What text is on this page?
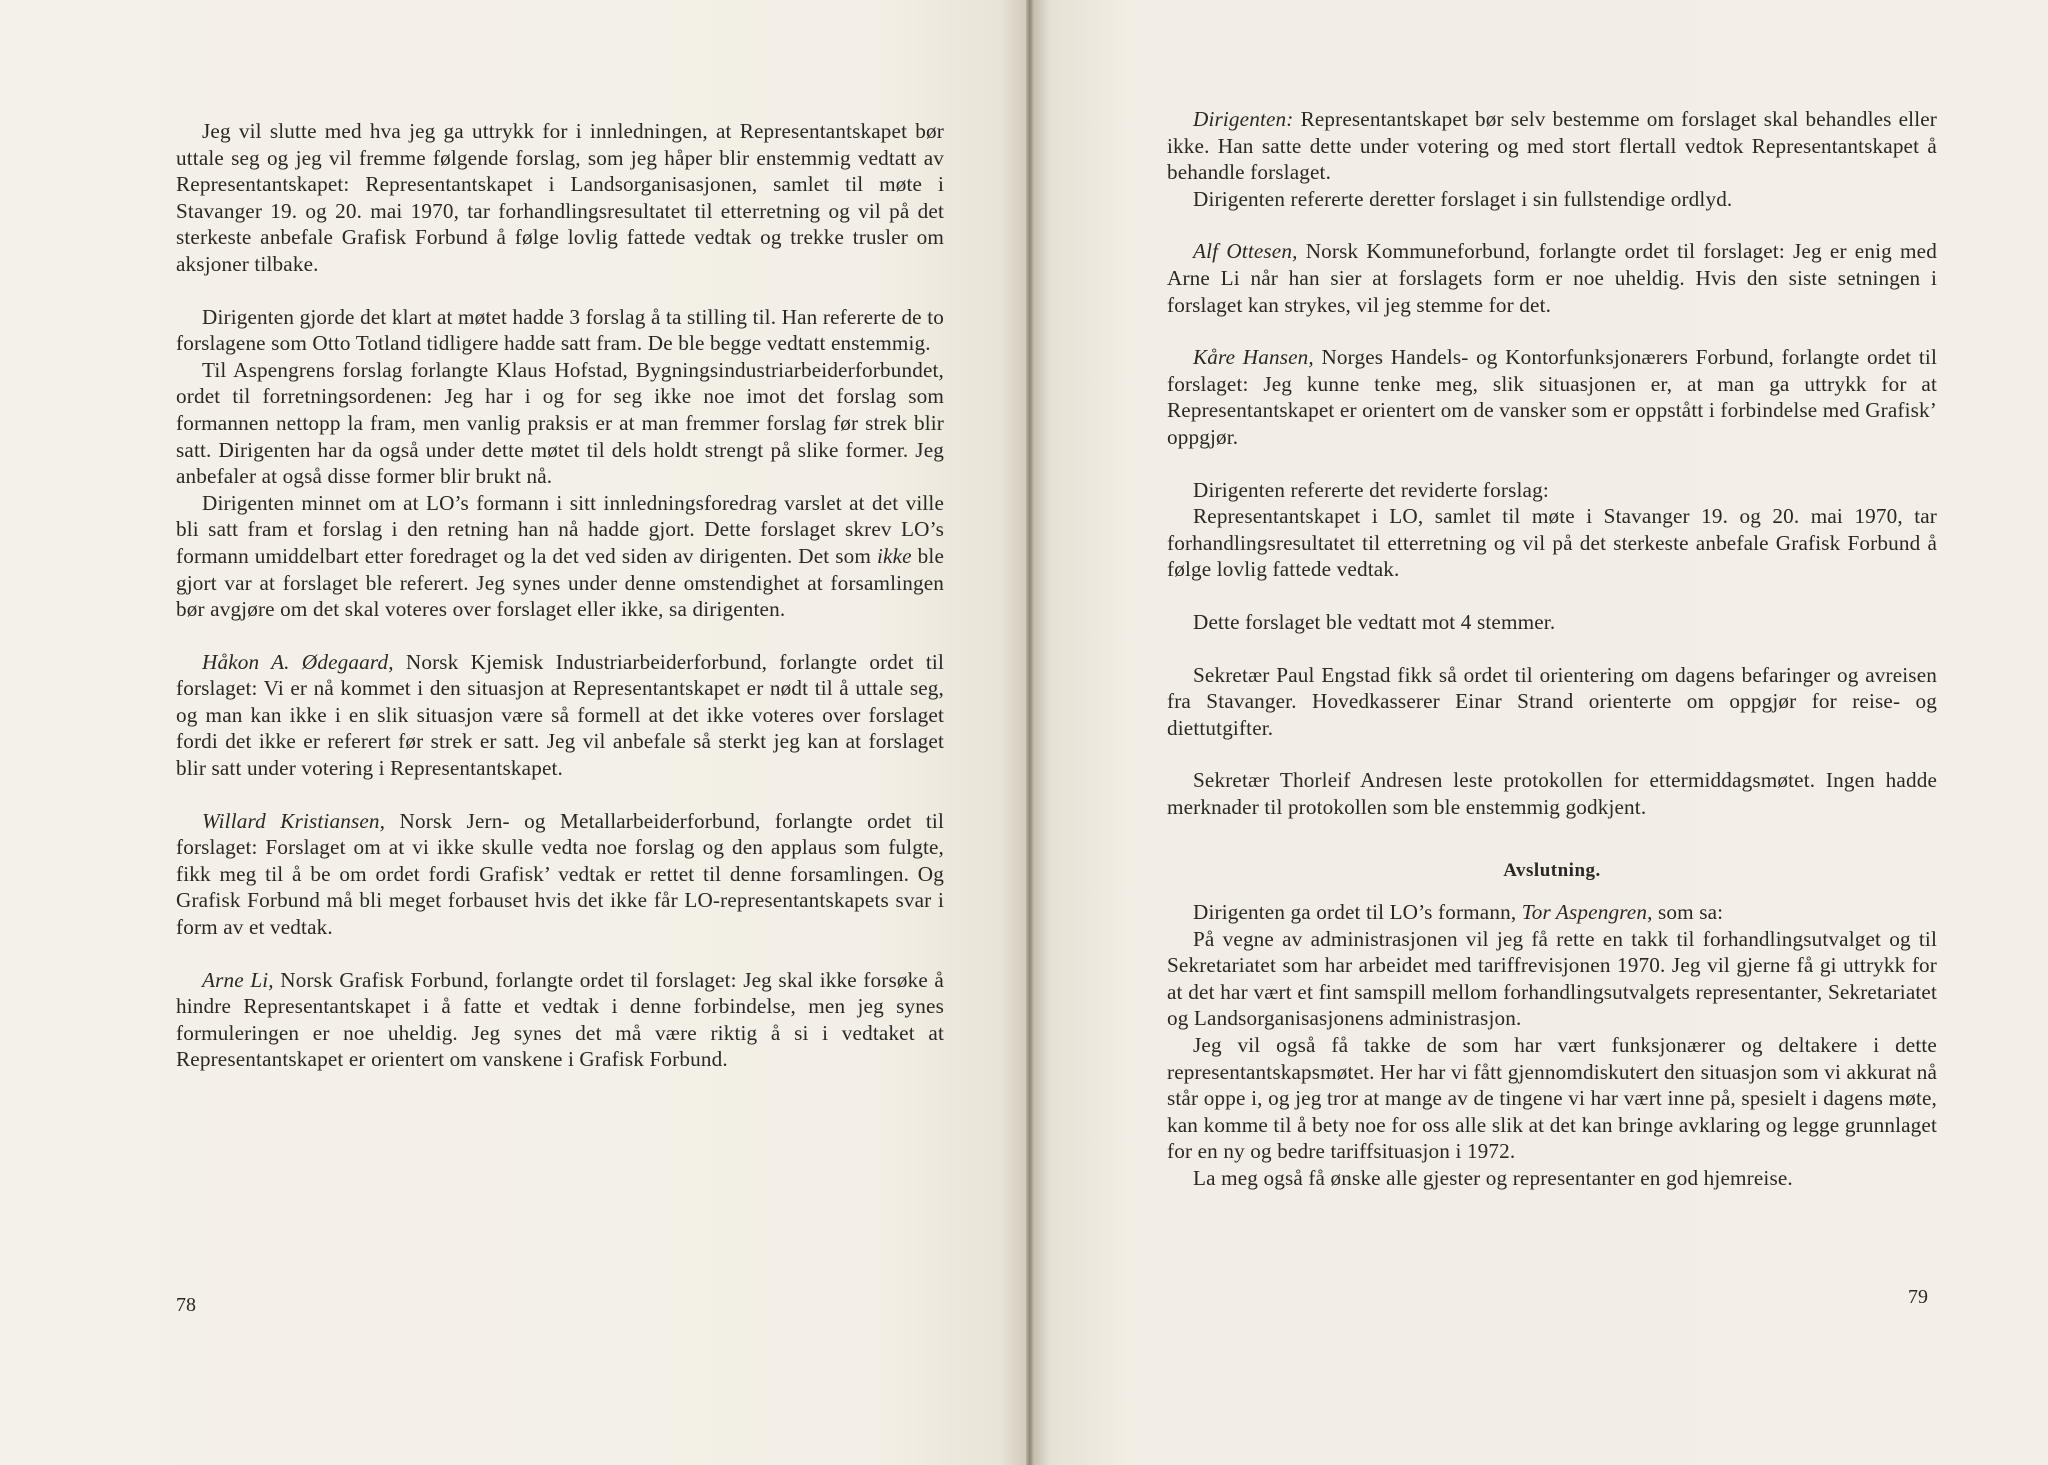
Jeg vil slutte med hva jeg ga uttrykk for i innledningen, at Representantskapet bør uttale seg og jeg vil fremme følgende forslag, som jeg håper blir enstemmig vedtatt av Representantskapet: Representantskapet i Landsorganisasjonen, samlet til møte i Stavanger 19. og 20. mai 1970, tar forhandlingsresultatet til etterretning og vil på det sterkeste anbefale Grafisk Forbund å følge lovlig fattede vedtak og trekke trusler om aksjoner tilbake.

Dirigenten gjorde det klart at møtet hadde 3 forslag å ta stilling til. Han refererte de to forslagene som Otto Totland tidligere hadde satt fram. De ble begge vedtatt enstemmig.

Til Aspengrens forslag forlangte Klaus Hofstad, Bygningsindustriarbeiderforbundet, ordet til forretningsordenen: Jeg har i og for seg ikke noe imot det forslag som formannen nettopp la fram, men vanlig praksis er at man fremmer forslag før strek blir satt. Dirigenten har da også under dette møtet til dels holdt strengt på slike former. Jeg anbefaler at også disse former blir brukt nå.

Dirigenten minnet om at LO’s formann i sitt innledningsforedrag varslet at det ville bli satt fram et forslag i den retning han nå hadde gjort. Dette forslaget skrev LO’s formann umiddelbart etter foredraget og la det ved siden av dirigenten. Det som ikke ble gjort var at forslaget ble referert. Jeg synes under denne omstendighet at forsamlingen bør avgjøre om det skal voteres over forslaget eller ikke, sa dirigenten.

Håkon A. Ødegaard, Norsk Kjemisk Industriarbeiderforbund, forlangte ordet til forslaget: Vi er nå kommet i den situasjon at Representantskapet er nødt til å uttale seg, og man kan ikke i en slik situasjon være så formell at det ikke voteres over forslaget fordi det ikke er referert før strek er satt. Jeg vil anbefale så sterkt jeg kan at forslaget blir satt under votering i Representantskapet.

Willard Kristiansen, Norsk Jern- og Metallarbeiderforbund, forlangte ordet til forslaget: Forslaget om at vi ikke skulle vedta noe forslag og den applaus som fulgte, fikk meg til å be om ordet fordi Grafisk’ vedtak er rettet til denne forsamlingen. Og Grafisk Forbund må bli meget forbauset hvis det ikke får LO-representantskapets svar i form av et vedtak.

Arne Li, Norsk Grafisk Forbund, forlangte ordet til forslaget: Jeg skal ikke forsøke å hindre Representantskapet i å fatte et vedtak i denne forbindelse, men jeg synes formuleringen er noe uheldig. Jeg synes det må være riktig å si i vedtaket at Representantskapet er orientert om vanskene i Grafisk Forbund.

78

Dirigenten: Representantskapet bør selv bestemme om forslaget skal behandles eller ikke. Han satte dette under votering og med stort flertall vedtok Representantskapet å behandle forslaget.

Dirigenten refererte deretter forslaget i sin fullstendige ordlyd.

Alf Ottesen, Norsk Kommuneforbund, forlangte ordet til forslaget: Jeg er enig med Arne Li når han sier at forslagets form er noe uheldig. Hvis den siste setningen i forslaget kan strykes, vil jeg stemme for det.

Kåre Hansen, Norges Handels- og Kontorfunksjonærers Forbund, forlangte ordet til forslaget: Jeg kunne tenke meg, slik situasjonen er, at man ga uttrykk for at Representantskapet er orientert om de vansker som er oppstått i forbindelse med Grafisk’ oppgjør.

Dirigenten refererte det reviderte forslag:

Representantskapet i LO, samlet til møte i Stavanger 19. og 20. mai 1970, tar forhandlingsresultatet til etterretning og vil på det sterkeste anbefale Grafisk Forbund å følge lovlig fattede vedtak.

Dette forslaget ble vedtatt mot 4 stemmer.

Sekretær Paul Engstad fikk så ordet til orientering om dagens befaringer og avreisen fra Stavanger. Hovedkasserer Einar Strand orienterte om oppgjør for reise- og diettutgifter.

Sekretær Thorleif Andresen leste protokollen for ettermiddagsmøtet. Ingen hadde merknader til protokollen som ble enstemmig godkjent.

Avslutning.

Dirigenten ga ordet til LO’s formann, Tor Aspengren, som sa:

På vegne av administrasjonen vil jeg få rette en takk til forhandlingsutvalget og til Sekretariatet som har arbeidet med tariffrevisjonen 1970. Jeg vil gjerne få gi uttrykk for at det har vært et fint samspill mellom forhandlingsutvalgets representanter, Sekretariatet og Landsorganisasjonens administrasjon.

Jeg vil også få takke de som har vært funksjonærer og deltakere i dette representantskapsmøtet. Her har vi fått gjennomdiskutert den situasjon som vi akkurat nå står oppe i, og jeg tror at mange av de tingene vi har vært inne på, spesielt i dagens møte, kan komme til å bety noe for oss alle slik at det kan bringe avklaring og legge grunnlaget for en ny og bedre tariffsituasjon i 1972.

La meg også få ønske alle gjester og representanter en god hjemreise.

79
